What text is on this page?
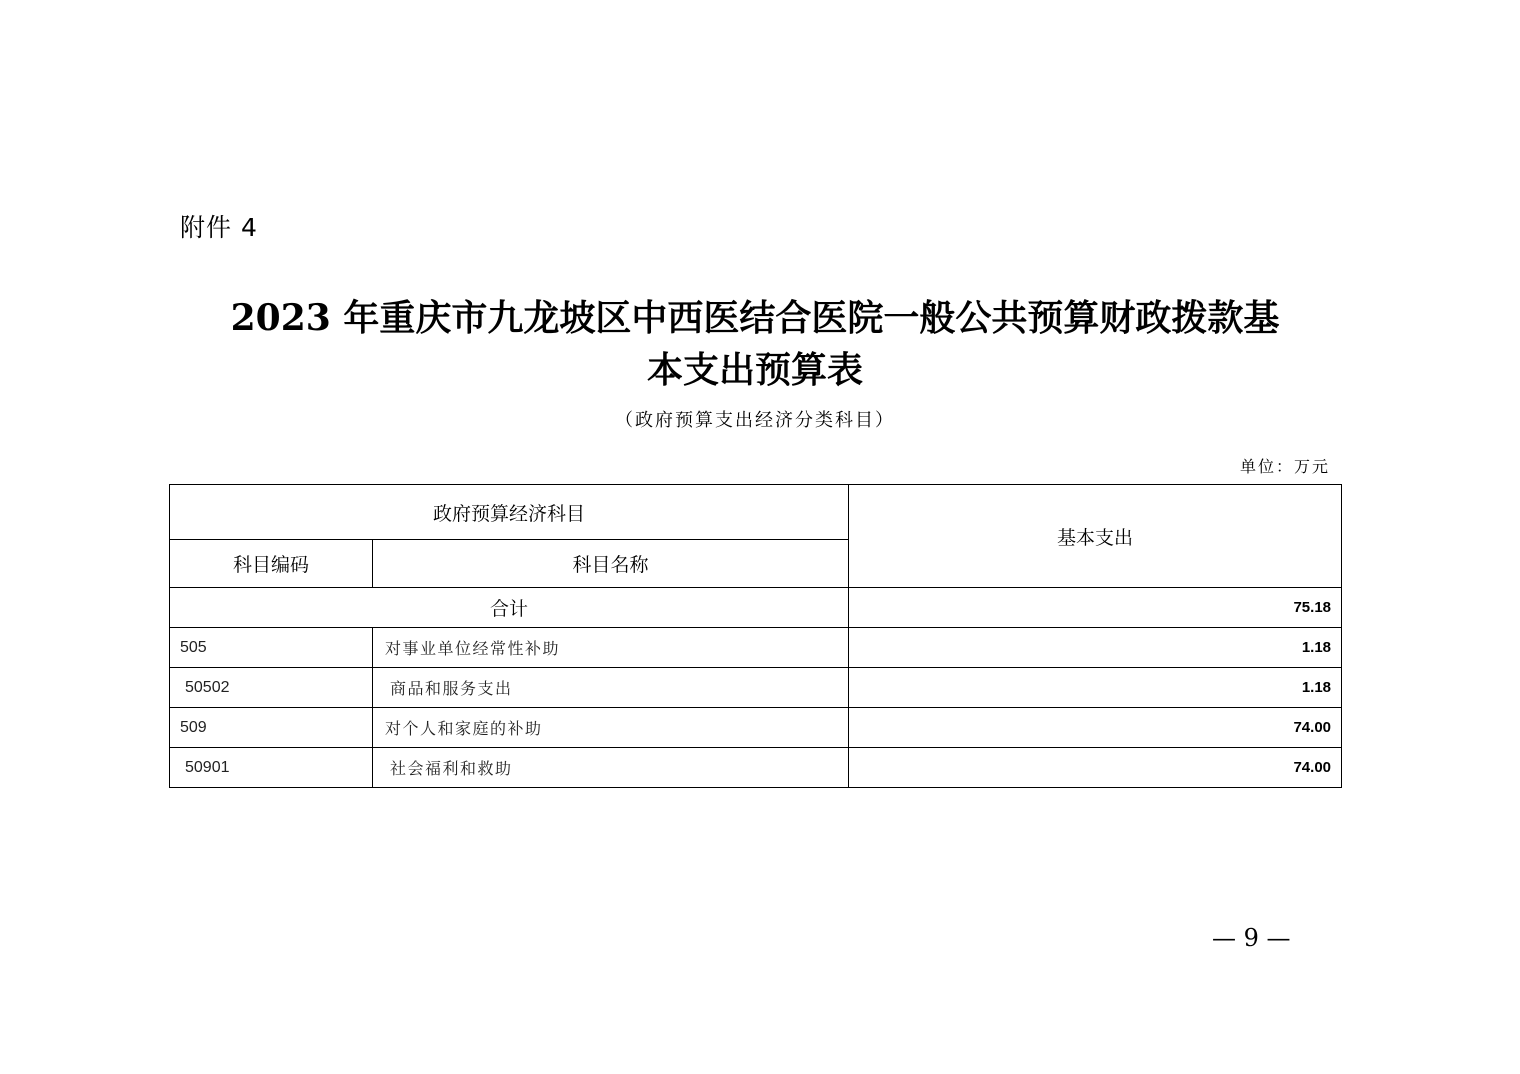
附件 4
2023 年重庆市九龙坡区中西医结合医院一般公共预算财政拨款基
本支出预算表
（政府预算支出经济分类科目）
单位：万元
政府预算经济科目		基本支出
科目编码	科目名称	
合计		75.18
505	对事业单位经常性补助	1.18
50502	商品和服务支出	1.18
509	对个人和家庭的补助	74.00
50901	社会福利和救助	74.00
— 9 —
